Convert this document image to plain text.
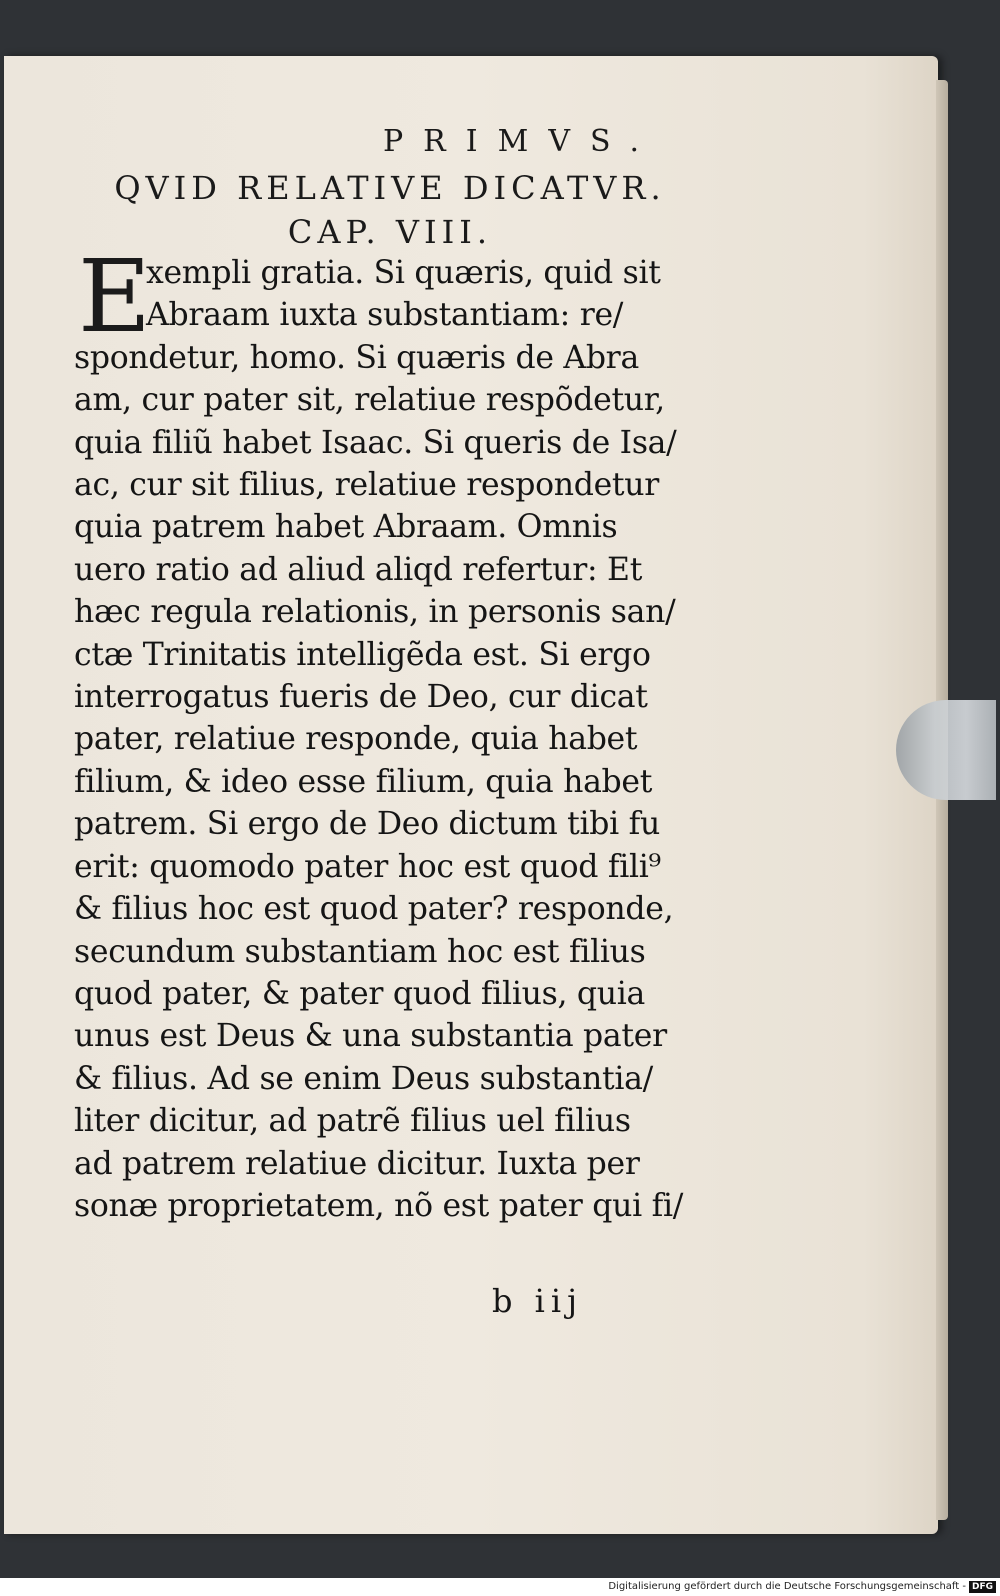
PRIMVS.
QVID RELATIVE DICATVR.
CAP. VIII.
E
xempli gratia. Si quæris, quid sit
Abraam iuxta substantiam: re/
spondetur, homo. Si quæris de Abra
am, cur pater sit, relatiue respõdetur,
quia filiũ habet Isaac. Si queris de Isa/
ac, cur sit filius, relatiue respondetur
quia patrem habet Abraam. Omnis
uero ratio ad aliud aliqd refertur: Et
hæc regula relationis, in personis san/
ctæ Trinitatis intelligẽda est. Si ergo
interrogatus fueris de Deo, cur dicat
pater, relatiue responde, quia habet
filium, & ideo esse filium, quia habet
patrem. Si ergo de Deo dictum tibi fu
erit: quomodo pater hoc est quod fili⁹
& filius hoc est quod pater? responde,
secundum substantiam hoc est filius
quod pater, & pater quod filius, quia
unus est Deus & una substantia pater
& filius. Ad se enim Deus substantia/
liter dicitur, ad patrẽ filius uel filius
ad patrem relatiue dicitur. Iuxta per
sonæ proprietatem, nõ est pater qui fi/
b iij
Digitalisierung gefördert durch die Deutsche Forschungsgemeinschaft - DFG
